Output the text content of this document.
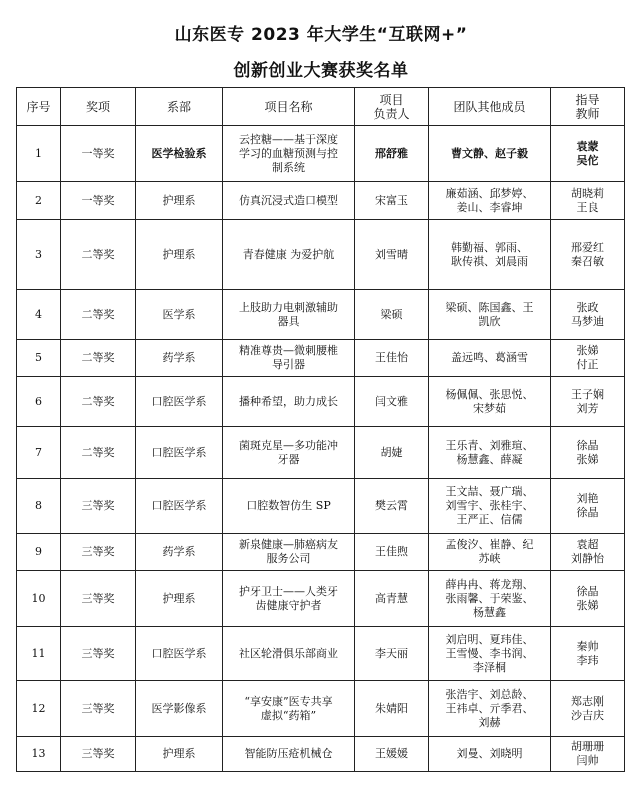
山东医专 2023 年大学生“互联网+”
创新创业大赛获奖名单
序号	奖项	系部	项目名称	项目
负责人	团队其他成员	指导
教师

1	一等奖	医学检验系	云控糖——基于深度
学习的血糖预测与控
制系统	邢舒雅	曹文静、赵子毅	袁蒙
吴佗

2	一等奖	护理系	仿真沉浸式造口模型	宋富玉	廉茹涵、邱梦婷、
姜山、李睿坤	胡晓莉
王良

3	二等奖	护理系	青春健康 为爱护航	刘雪晴	韩勤福、郭雨、
耿传祺、刘晨雨	邢爱红
秦召敏

4	二等奖	医学系	上肢助力电刺激辅助
器具	梁硕	梁硕、陈国鑫、王
凯欣	张政
马梦迪

5	二等奖	药学系	精准尊贵—微刺腰椎
导引器	王佳怡	盖远鸣、葛涵雪	张娣
付正

6	二等奖	口腔医学系	播种希望，助力成长	闫文雅	杨佩佩、张思悦、
宋梦茹	王子娴
刘芳

7	二等奖	口腔医学系	菌斑克星—多功能冲
牙器	胡婕	王乐青、刘雅瑄、
杨慧鑫、薛凝	徐晶
张娣

8	三等奖	口腔医学系	口腔数智仿生 SP	樊云霄	王文喆、聂广瑞、
刘雪宇、张桂宇、
王严正、信儒	刘艳
徐晶

9	三等奖	药学系	新泉健康—肺癌病友
服务公司	王佳煦	孟俊汐、崔静、纪
苏峡	袁超
刘静怡

10	三等奖	护理系	护牙卫士——人类牙
齿健康守护者	高青慧	薛冉冉、蒋龙翔、
张雨馨、于荣鉴、
杨慧鑫	徐晶
张娣

11	三等奖	口腔医学系	社区轮滑俱乐部商业	李天丽	刘启明、夏玮佳、
王雪慢、李书润、
李泽桐	秦帅
李玮

12	三等奖	医学影像系	“享安康”医专共享
虚拟“药箱”	朱婧阳	张浩宇、刘总龄、
王祎卓、亓季君、
刘赫	郑志刚
沙吉庆

13	三等奖	护理系	智能防压疮机械仓	王媛媛	刘曼、刘晓明	胡珊珊
闫帅
